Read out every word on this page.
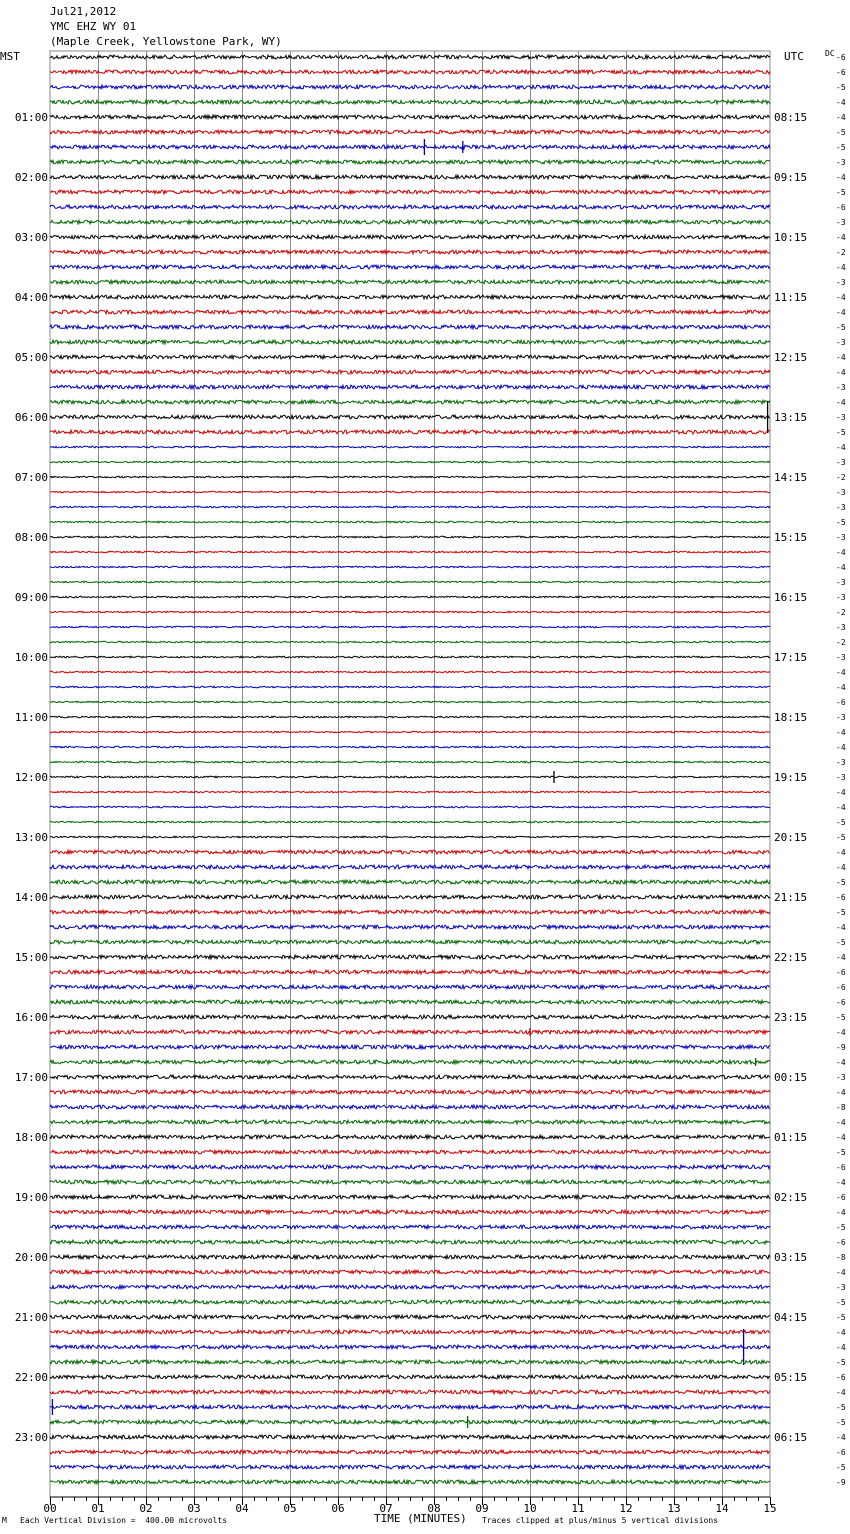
Jul21,2012
YMC EHZ WY 01
(Maple Creek, Yellowstone Park, WY)
MST	UTC	-6
-6
-5
-4
-4
-5
-5
-3
-4
-5
-6
-3
-4
-2
-4
-3
-4
-4
-5
-3
-4
-4
-3
-4
-3
-5
-4
-3
-2
-3
-3
-5
-3
-4
-4
-3
-3
-2
-3
-2
-3
-4
-4
-6
-3
-4
-4
-3
-3
-4
-4
-5
-5
-4
-4
-5
-6
-5
-4
-5
-4
-6
-6
-6
-5
-4
-9
-4
-3
-4
-8
-4
-4
-5
-6
-4
-6
-4
-5
-6
-8
-4
-3
-5
-5
-4
-4
-5
-6
-4
-5
-5
-4
-6
-5
-9
DC
01:00
02:00
03:00
04:00
05:00
06:00
07:00
08:00
09:00
10:00
11:00
12:00
13:00
14:00
15:00
16:00
17:00
18:00
19:00
20:00
21:00
22:00
23:00
08:15
09:15
10:15
11:15
12:15
13:15
14:15
15:15
16:15
17:15
18:15
19:15
20:15
21:15
22:15
23:15
00:15
01:15
02:15
03:15
04:15
05:15
06:15
00	01	02	03	04	05	06	07	08	09	10	11	12	13	14	15
M Each Vertical Division =  400.00 microvolts	TIME (MINUTES) Traces clipped at plus/minus 5 vertical divisions
